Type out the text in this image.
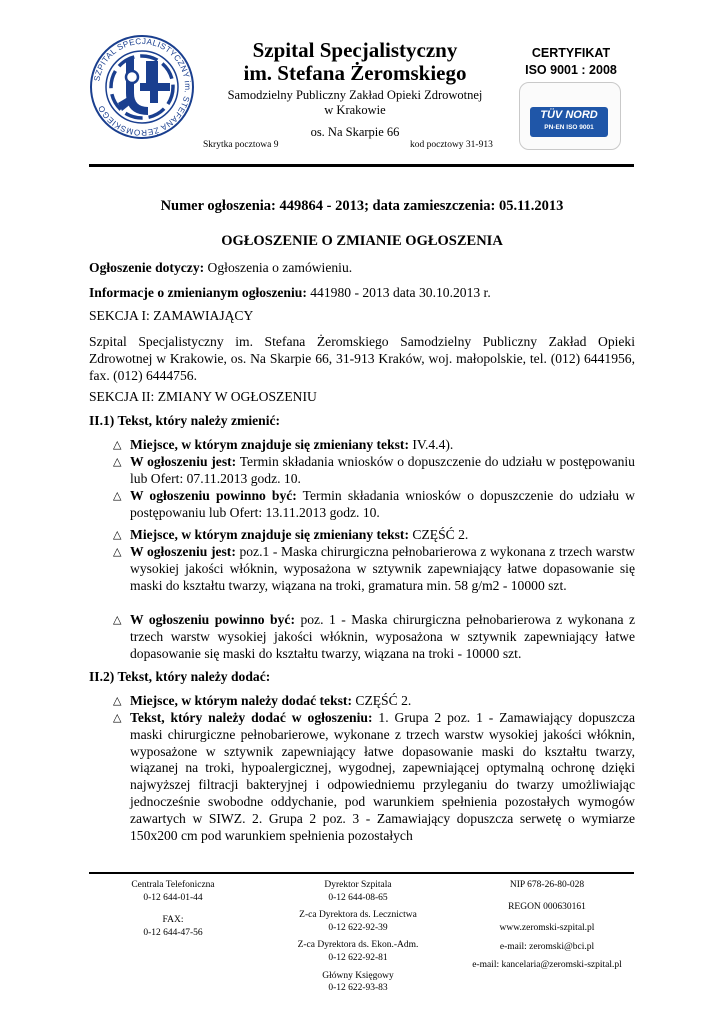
SZPITAL SPECJALISTYCZNY im. STEFANA ŻEROMSKIEGO
Szpital Specjalistyczny
im. Stefana Żeromskiego
Samodzielny Publiczny Zakład Opieki Zdrowotnej
w Krakowie
os. Na Skarpie 66
Skrytka pocztowa 9	kod pocztowy 31-913
CERTYFIKAT
ISO 9001 : 2008
TÜV NORD
PN-EN ISO 9001
Numer ogłoszenia: 449864 - 2013; data zamieszczenia: 05.11.2013
OGŁOSZENIE O ZMIANIE OGŁOSZENIA
Ogłoszenie dotyczy: Ogłoszenia o zamówieniu.
Informacje o zmienianym ogłoszeniu: 441980 - 2013 data 30.10.2013 r.
SEKCJA I: ZAMAWIAJĄCY
Szpital Specjalistyczny im. Stefana Żeromskiego Samodzielny Publiczny Zakład Opieki Zdrowotnej w Krakowie, os. Na Skarpie 66, 31-913 Kraków, woj. małopolskie, tel. (012) 6441956, fax. (012) 6444756.
SEKCJA II: ZMIANY W OGŁOSZENIU
II.1) Tekst, który należy zmienić:
△ Miejsce, w którym znajduje się zmieniany tekst: IV.4.4).
△ W ogłoszeniu jest: Termin składania wniosków o dopuszczenie do udziału w postępowaniu lub Ofert: 07.11.2013 godz. 10.
△ W ogłoszeniu powinno być: Termin składania wniosków o dopuszczenie do udziału w postępowaniu lub Ofert: 13.11.2013 godz. 10.
△ Miejsce, w którym znajduje się zmieniany tekst: CZĘŚĆ 2.
△ W ogłoszeniu jest: poz.1 - Maska chirurgiczna pełnobarierowa z wykonana z trzech warstw wysokiej jakości włóknin, wyposażona w sztywnik zapewniający łatwe dopasowanie się maski do kształtu twarzy, wiązana na troki, gramatura min. 58 g/m2 - 10000 szt.
△ W ogłoszeniu powinno być: poz. 1 - Maska chirurgiczna pełnobarierowa z wykonana z trzech warstw wysokiej jakości włóknin, wyposażona w sztywnik zapewniający łatwe dopasowanie się maski do kształtu twarzy, wiązana na troki - 10000 szt.
II.2) Tekst, który należy dodać:
△ Miejsce, w którym należy dodać tekst: CZĘŚĆ 2.
△ Tekst, który należy dodać w ogłoszeniu: 1. Grupa 2 poz. 1 - Zamawiający dopuszcza maski chirurgiczne pełnobarierowe, wykonane z trzech warstw wysokiej jakości włóknin, wyposażone w sztywnik zapewniający łatwe dopasowanie maski do kształtu twarzy, wiązanej na troki, hypoalergicznej, wygodnej, zapewniającej optymalną ochronę dzięki najwyższej filtracji bakteryjnej i odpowiedniemu przyleganiu do twarzy umożliwiając jednocześnie swobodne oddychanie, pod warunkiem spełnienia pozostałych wymogów zawartych w SIWZ. 2. Grupa 2 poz. 3 - Zamawiający dopuszcza serwetę o wymiarze 150x200 cm pod warunkiem spełnienia pozostałych
Centrala Telefoniczna
0-12 644-01-44
FAX:
0-12 644-47-56
Dyrektor Szpitala
0-12 644-08-65
Z-ca Dyrektora ds. Lecznictwa
0-12 622-92-39
Z-ca Dyrektora ds. Ekon.-Adm.
0-12 622-92-81
Główny Księgowy
0-12 622-93-83
NIP 678-26-80-028
REGON 000630161
www.zeromski-szpital.pl
e-mail: zeromski@bci.pl
e-mail: kancelaria@zeromski-szpital.pl
